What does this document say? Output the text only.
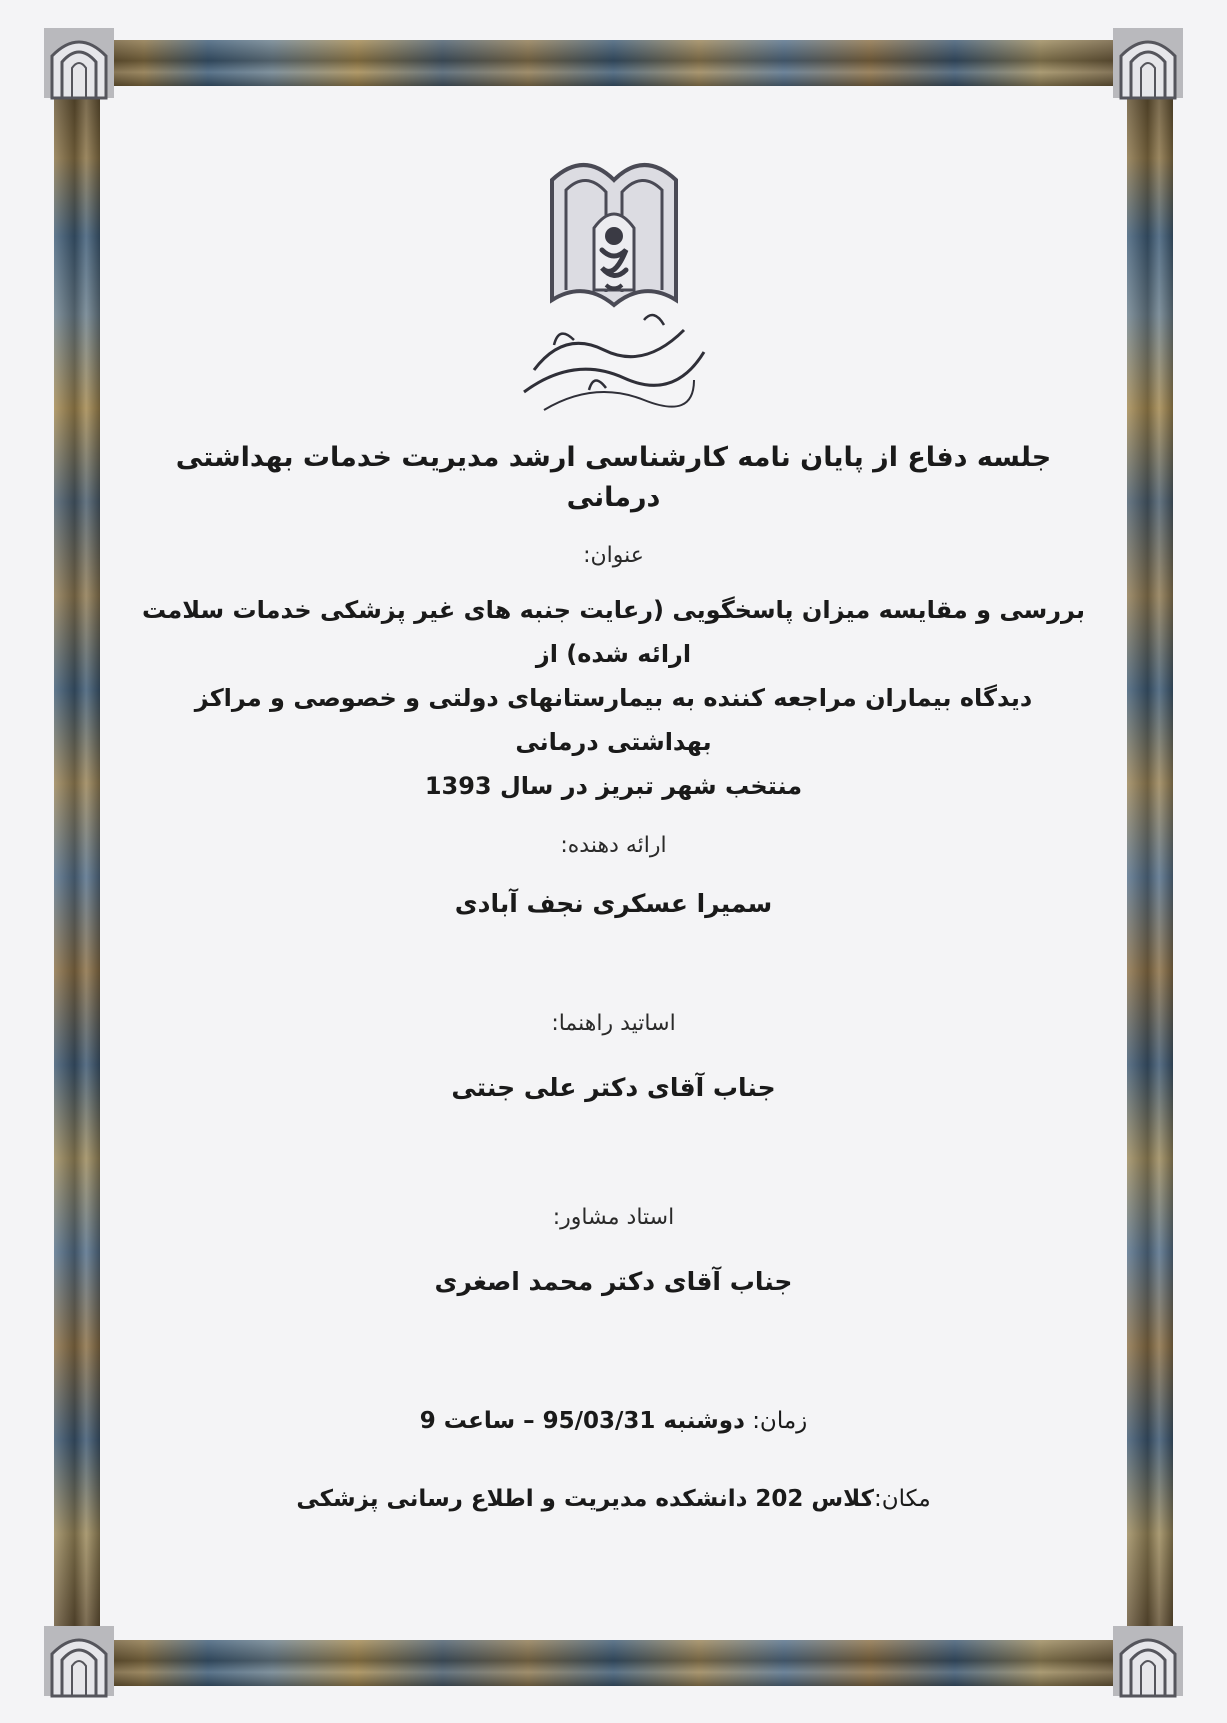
جلسه دفاع از پایان نامه کارشناسی ارشد مدیریت خدمات بهداشتی درمانی
عنوان:
بررسی و مقایسه میزان پاسخگویی (رعایت جنبه های غیر پزشکی خدمات سلامت ارائه شده) از
دیدگاه بیماران مراجعه کننده به بیمارستانهای دولتی و خصوصی و مراکز بهداشتی درمانی
منتخب شهر تبریز در سال 1393
ارائه دهنده:
سمیرا عسکری نجف آبادی
اساتید راهنما:
جناب آقای دکتر علی جنتی
استاد مشاور:
جناب آقای دکتر محمد اصغری
زمان: دوشنبه 95/03/31 – ساعت 9
مکان:کلاس 202 دانشکده مدیریت و اطلاع رسانی پزشکی
